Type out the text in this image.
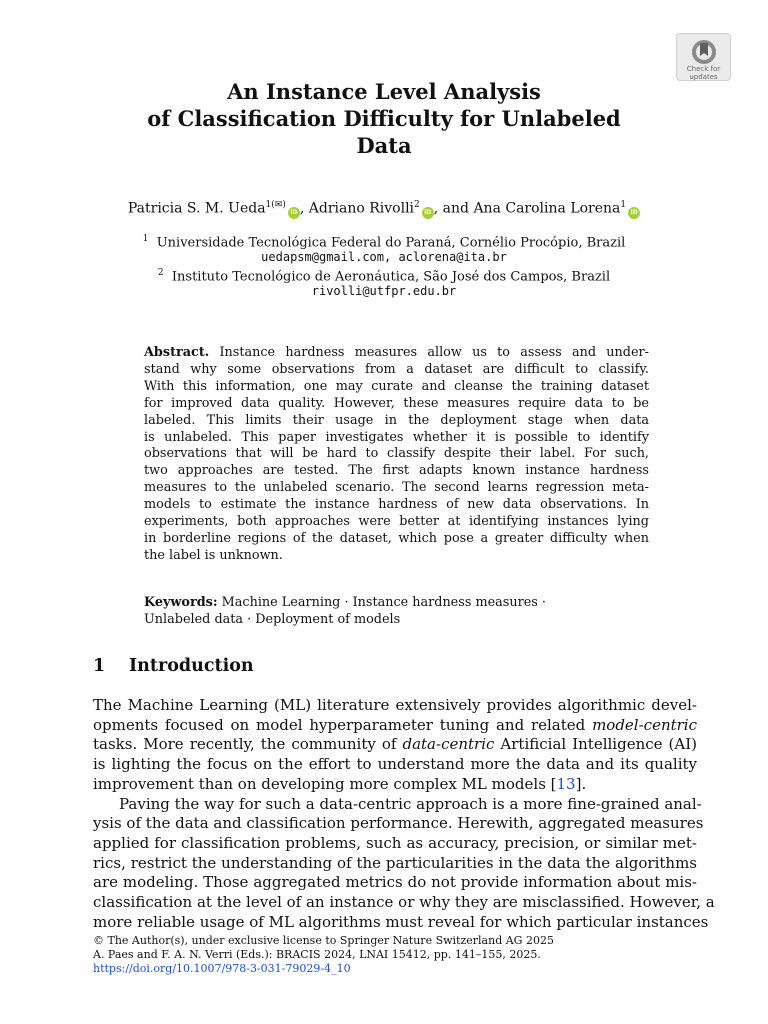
Check for
updates
An Instance Level Analysis
of Classification Difficulty for Unlabeled
Data
Patricia S. M. Ueda$^{1(✉)}$iD , Adriano Rivolli$^2$iD , and Ana Carolina Lorena$^1$iD
$^1$ Universidade Tecnológica Federal do Paraná, Cornélio Procópio, Brazil
uedapsm@gmail.com, aclorena@ita.br
$^2$ Instituto Tecnológico de Aeronáutica, São José dos Campos, Brazil
rivolli@utfpr.edu.br
Abstract. Instance hardness measures allow us to assess and under-
stand why some observations from a dataset are difficult to classify.
With this information, one may curate and cleanse the training dataset
for improved data quality. However, these measures require data to be
labeled. This limits their usage in the deployment stage when data
is unlabeled. This paper investigates whether it is possible to identify
observations that will be hard to classify despite their label. For such,
two approaches are tested. The first adapts known instance hardness
measures to the unlabeled scenario. The second learns regression meta-
models to estimate the instance hardness of new data observations. In
experiments, both approaches were better at identifying instances lying
in borderline regions of the dataset, which pose a greater difficulty when
the label is unknown.
Keywords: Machine Learning · Instance hardness measures ·
Unlabeled data · Deployment of models
1 Introduction
The Machine Learning (ML) literature extensively provides algorithmic devel-
opments focused on model hyperparameter tuning and related model-centric
tasks. More recently, the community of data-centric Artificial Intelligence (AI)
is lighting the focus on the effort to understand more the data and its quality
improvement than on developing more complex ML models [13].
Paving the way for such a data-centric approach is a more fine-grained anal-
ysis of the data and classification performance. Herewith, aggregated measures
applied for classification problems, such as accuracy, precision, or similar met-
rics, restrict the understanding of the particularities in the data the algorithms
are modeling. Those aggregated metrics do not provide information about mis-
classification at the level of an instance or why they are misclassified. However, a
more reliable usage of ML algorithms must reveal for which particular instances
© The Author(s), under exclusive license to Springer Nature Switzerland AG 2025
A. Paes and F. A. N. Verri (Eds.): BRACIS 2024, LNAI 15412, pp. 141–155, 2025.
https://doi.org/10.1007/978-3-031-79029-4_10
